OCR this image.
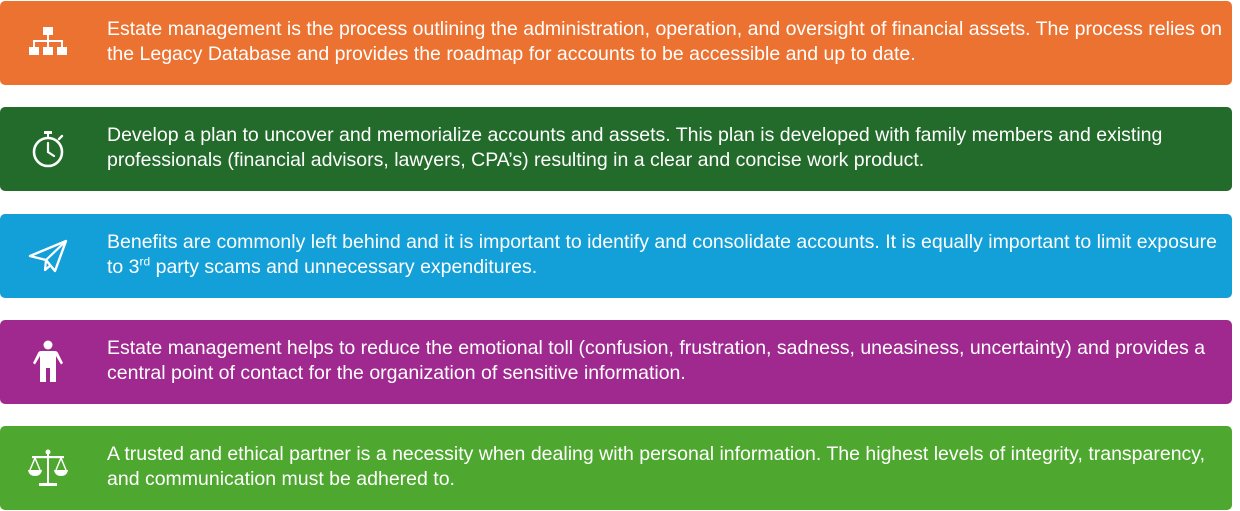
Estate management is the process outlining the administration, operation, and oversight of financial assets. The process relies on the Legacy Database and provides the roadmap for accounts to be accessible and up to date.
Develop a plan to uncover and memorialize accounts and assets. This plan is developed with family members and existing professionals (financial advisors, lawyers, CPA’s) resulting in a clear and concise work product.
Benefits are commonly left behind and it is important to identify and consolidate accounts. It is equally important to limit exposure to 3rd party scams and unnecessary expenditures.
Estate management helps to reduce the emotional toll (confusion, frustration, sadness, uneasiness, uncertainty) and provides a central point of contact for the organization of sensitive information.
A trusted and ethical partner is a necessity when dealing with personal information. The highest levels of integrity, transparency, and communication must be adhered to.
